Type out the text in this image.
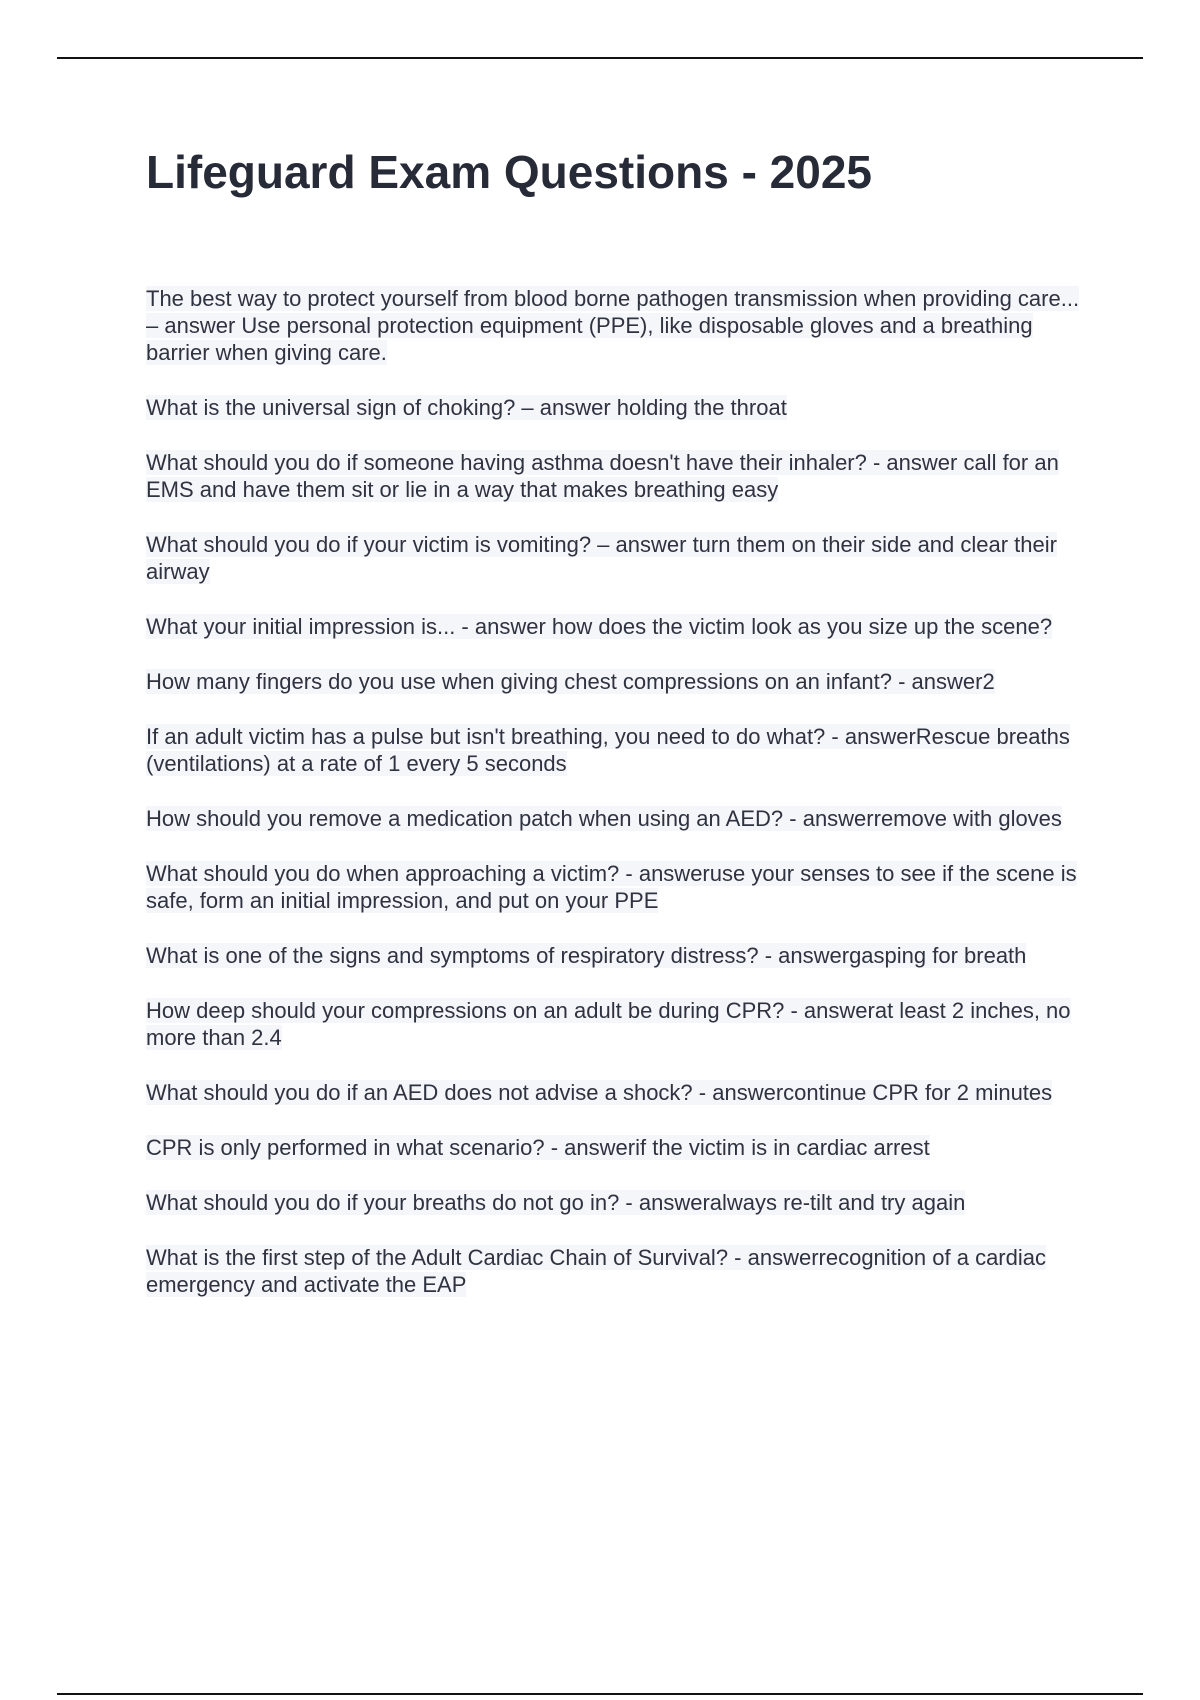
Lifeguard Exam Questions - 2025
The best way to protect yourself from blood borne pathogen transmission when providing care... – answer Use personal protection equipment (PPE), like disposable gloves and a breathing barrier when giving care.
What is the universal sign of choking? – answer holding the throat
What should you do if someone having asthma doesn't have their inhaler? - answer call for an EMS and have them sit or lie in a way that makes breathing easy
What should you do if your victim is vomiting? – answer turn them on their side and clear their airway
What your initial impression is... - answer how does the victim look as you size up the scene?
How many fingers do you use when giving chest compressions on an infant? - answer2
If an adult victim has a pulse but isn't breathing, you need to do what? - answerRescue breaths (ventilations) at a rate of 1 every 5 seconds
How should you remove a medication patch when using an AED? - answerremove with gloves
What should you do when approaching a victim? - answeruse your senses to see if the scene is safe, form an initial impression, and put on your PPE
What is one of the signs and symptoms of respiratory distress? - answergasping for breath
How deep should your compressions on an adult be during CPR? - answerat least 2 inches, no more than 2.4
What should you do if an AED does not advise a shock? - answercontinue CPR for 2 minutes
CPR is only performed in what scenario? - answerif the victim is in cardiac arrest
What should you do if your breaths do not go in? - answeralways re-tilt and try again
What is the first step of the Adult Cardiac Chain of Survival? - answerrecognition of a cardiac emergency and activate the EAP
